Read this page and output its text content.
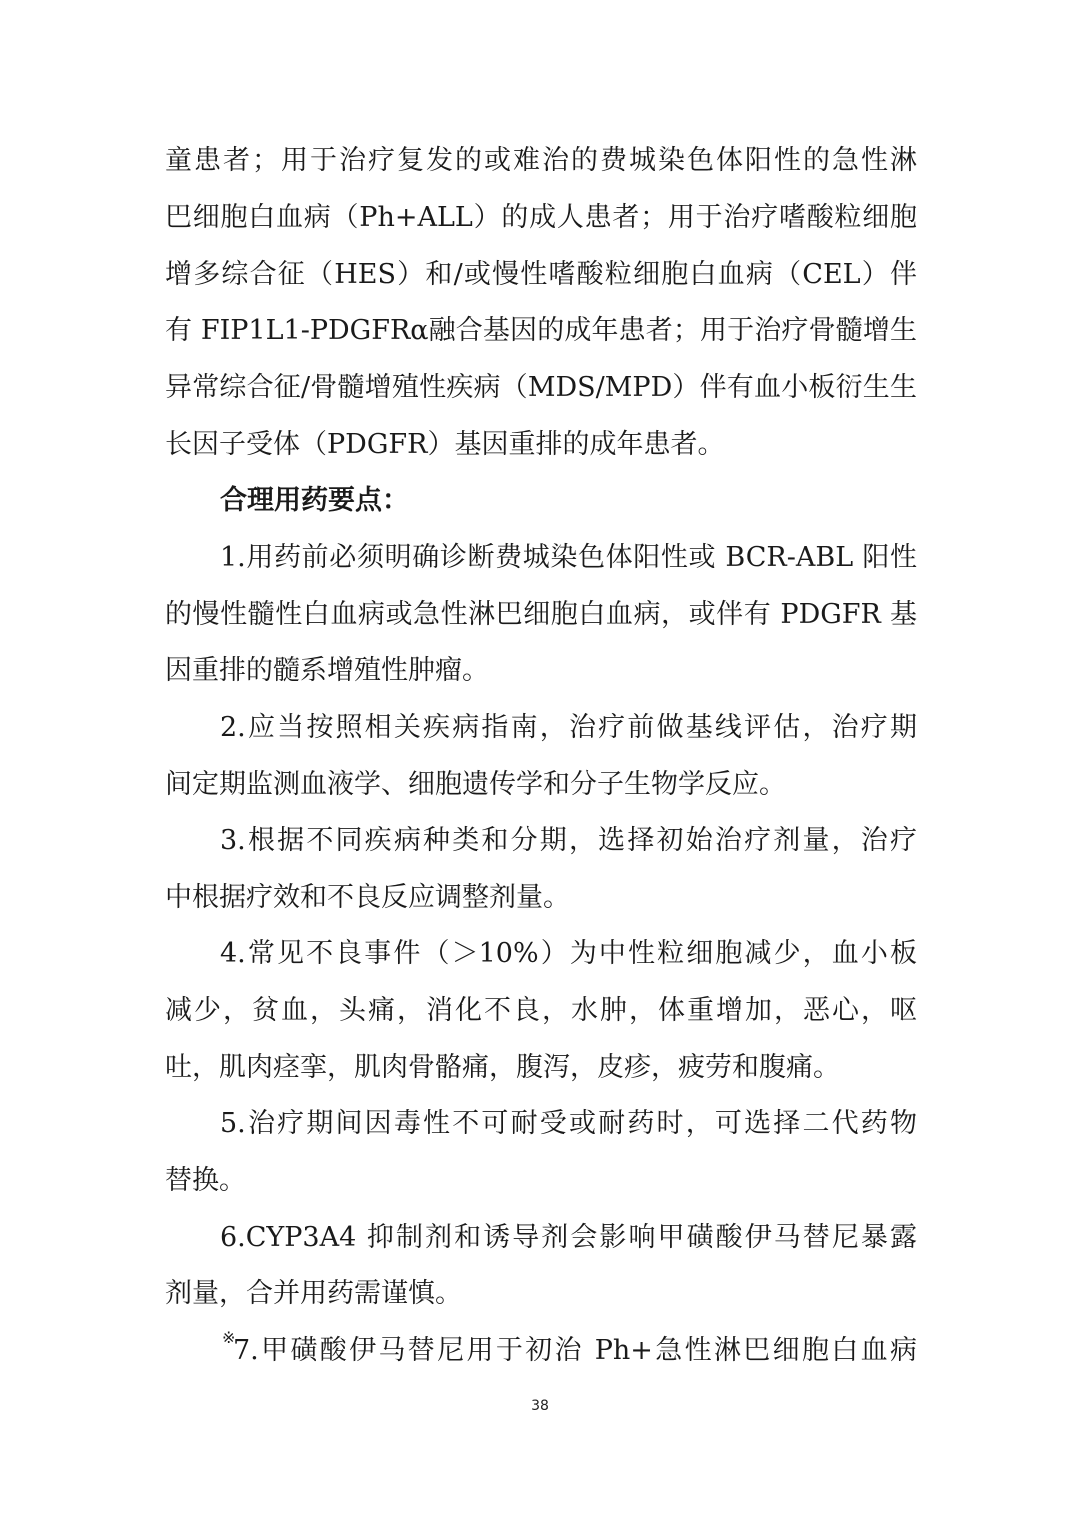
童患者；用于治疗复发的或难治的费城染色体阳性的急性淋
巴细胞白血病（Ph+ALL）的成人患者；用于治疗嗜酸粒细胞
增多综合征（HES）和/或慢性嗜酸粒细胞白血病（CEL）伴
有 FIP1L1-PDGFRα融合基因的成年患者；用于治疗骨髓增生
异常综合征/骨髓增殖性疾病（MDS/MPD）伴有血小板衍生生
长因子受体（PDGFR）基因重排的成年患者。
合理用药要点：
1.用药前必须明确诊断费城染色体阳性或 BCR-ABL 阳性
的慢性髓性白血病或急性淋巴细胞白血病，或伴有 PDGFR 基
因重排的髓系增殖性肿瘤。
2.应当按照相关疾病指南，治疗前做基线评估，治疗期
间定期监测血液学、细胞遗传学和分子生物学反应。
3.根据不同疾病种类和分期，选择初始治疗剂量，治疗
中根据疗效和不良反应调整剂量。
4.常见不良事件（＞10%）为中性粒细胞减少，血小板
减少，贫血，头痛，消化不良，水肿，体重增加，恶心，呕
吐，肌肉痉挛，肌肉骨骼痛，腹泻，皮疹，疲劳和腹痛。
5.治疗期间因毒性不可耐受或耐药时，可选择二代药物
替换。
6.CYP3A4 抑制剂和诱导剂会影响甲磺酸伊马替尼暴露
剂量，合并用药需谨慎。
※
7.甲磺酸伊马替尼用于初治 Ph+急性淋巴细胞白血病
38
